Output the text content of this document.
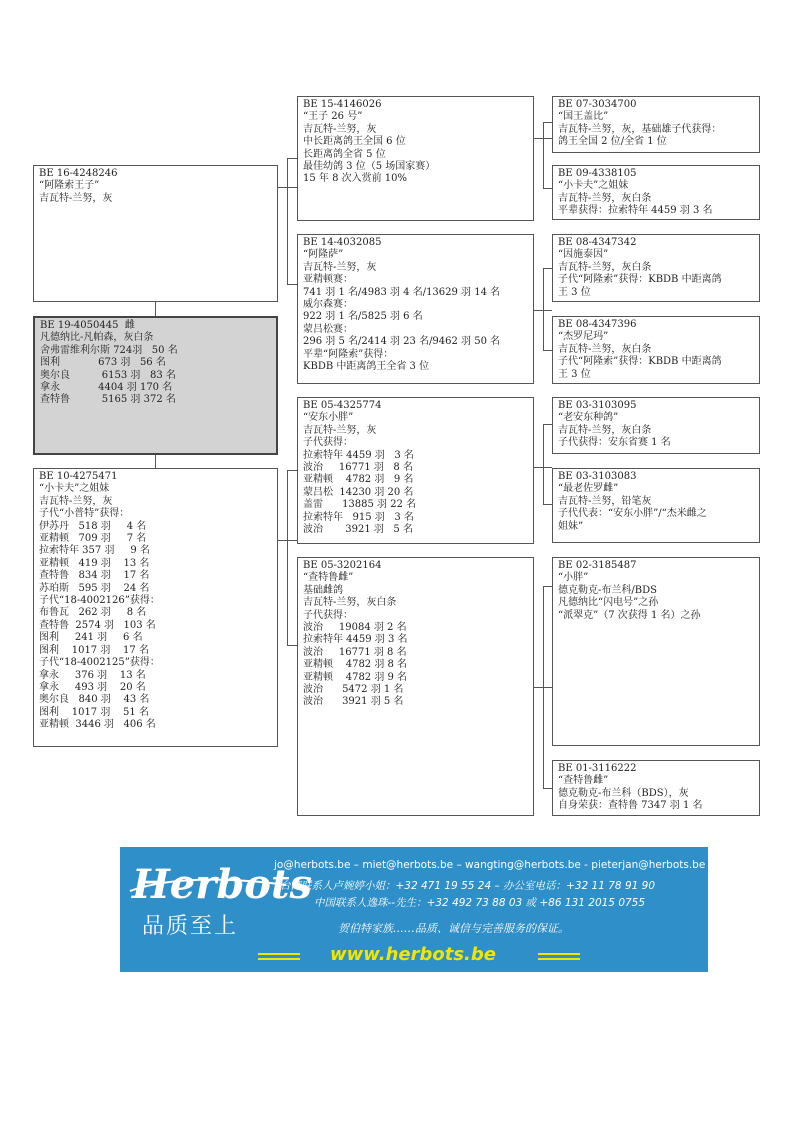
BE 16-4248246
“阿隆索王子”
吉瓦特-兰努，灰
BE 19-4050445  雌
凡德纳比-凡帕森，灰白条
舍弗雷维利尔斯 724羽   50 名
图利            673 羽   56 名
奥尔良          6153 羽   83 名
拿永            4404 羽 170 名
查特鲁          5165 羽 372 名
BE 10-4275471
“小卡夫”之姐妹
吉瓦特-兰努，灰
子代“小普特”获得：
伊苏丹   518 羽     4 名
亚精顿   709 羽     7 名
拉索特年 357 羽     9 名
亚精顿   419 羽    13 名
查特鲁   834 羽    17 名
苏珀斯   595 羽    24 名
子代“18-4002126”获得：
布鲁瓦   262 羽     8 名
查特鲁  2574 羽   103 名
图利     241 羽     6 名
图利    1017 羽    17 名
子代“18-4002125”获得：
拿永     376 羽    13 名
拿永     493 羽    20 名
奥尔良   840 羽    43 名
图利    1017 羽    51 名
亚精顿  3446 羽   406 名
BE 15-4146026
“王子 26 号”
吉瓦特-兰努，灰
中长距离鸽王全国 6 位
长距离鸽全省 5 位
最佳幼鸽 3 位（5 场国家赛）
15 年 8 次入赏前 10%
BE 14-4032085
“阿隆萨”
吉瓦特-兰努，灰
亚精顿赛：
741 羽 1 名/4983 羽 4 名/13629 羽 14 名
威尔森赛：
922 羽 1 名/5825 羽 6 名
蒙吕松赛：
296 羽 5 名/2414 羽 23 名/9462 羽 50 名
平辈“阿隆索”获得：
KBDB 中距离鸽王全省 3 位
BE 05-4325774
“安东小胖”
吉瓦特-兰努，灰
子代获得：
拉索特年 4459 羽   3 名
波治     16771 羽   8 名
亚精顿    4782 羽   9 名
蒙吕松  14230 羽 20 名
盖雷      13885 羽 22 名
拉索特年   915 羽   3 名
波治       3921 羽   5 名
BE 05-3202164
“查特鲁雌”
基础雌鸽
吉瓦特-兰努，灰白条
子代获得：
波治     19084 羽 2 名
拉索特年 4459 羽 3 名
波治     16771 羽 8 名
亚精顿    4782 羽 8 名
亚精顿    4782 羽 9 名
波治      5472 羽 1 名
波治      3921 羽 5 名
BE 07-3034700
“国王盖比”
吉瓦特-兰努，灰，基础雄子代获得：
鸽王全国 2 位/全省 1 位
BE 09-4338105
“小卡夫”之姐妹
吉瓦特-兰努，灰白条
平辈获得：拉索特年 4459 羽 3 名
BE 08-4347342
“因施泰因”
吉瓦特-兰努，灰白条
子代“阿隆索”获得：KBDB 中距离鸽
王 3 位
BE 08-4347396
“杰罗尼玛”
吉瓦特-兰努，灰白条
子代“阿隆索”获得：KBDB 中距离鸽
王 3 位
BE 03-3103095
“老安东种鸽”
吉瓦特-兰努，灰白条
子代获得：安东省赛 1 名
BE 03-3103083
“最老佐罗雌”
吉瓦特-兰努，铅笔灰
子代代表：“安东小胖”/“杰米雌之
姐妹”
BE 02-3185487
“小胖”
德克勒克-布兰科/BDS
凡德纳比“闪电号”之孙
“派翠克”（7 次获得 1 名）之孙
BE 01-3116222
“查特鲁雌”
德克勒克-布兰科（BDS），灰
自身荣获：查特鲁 7347 羽 1 名
Herbots
品质至上
jo@herbots.be – miet@herbots.be – wangting@herbots.be - pieterjan@herbots.be
台湾联系人卢婉婷小姐：+32 471 19 55 24 – 办公室电话：+32 11 78 91 90
中国联系人逸珠--先生：+32 492 73 88 03 或 +86 131 2015 0755
贺伯特家族……品质、诚信与完善服务的保证。
www.herbots.be
